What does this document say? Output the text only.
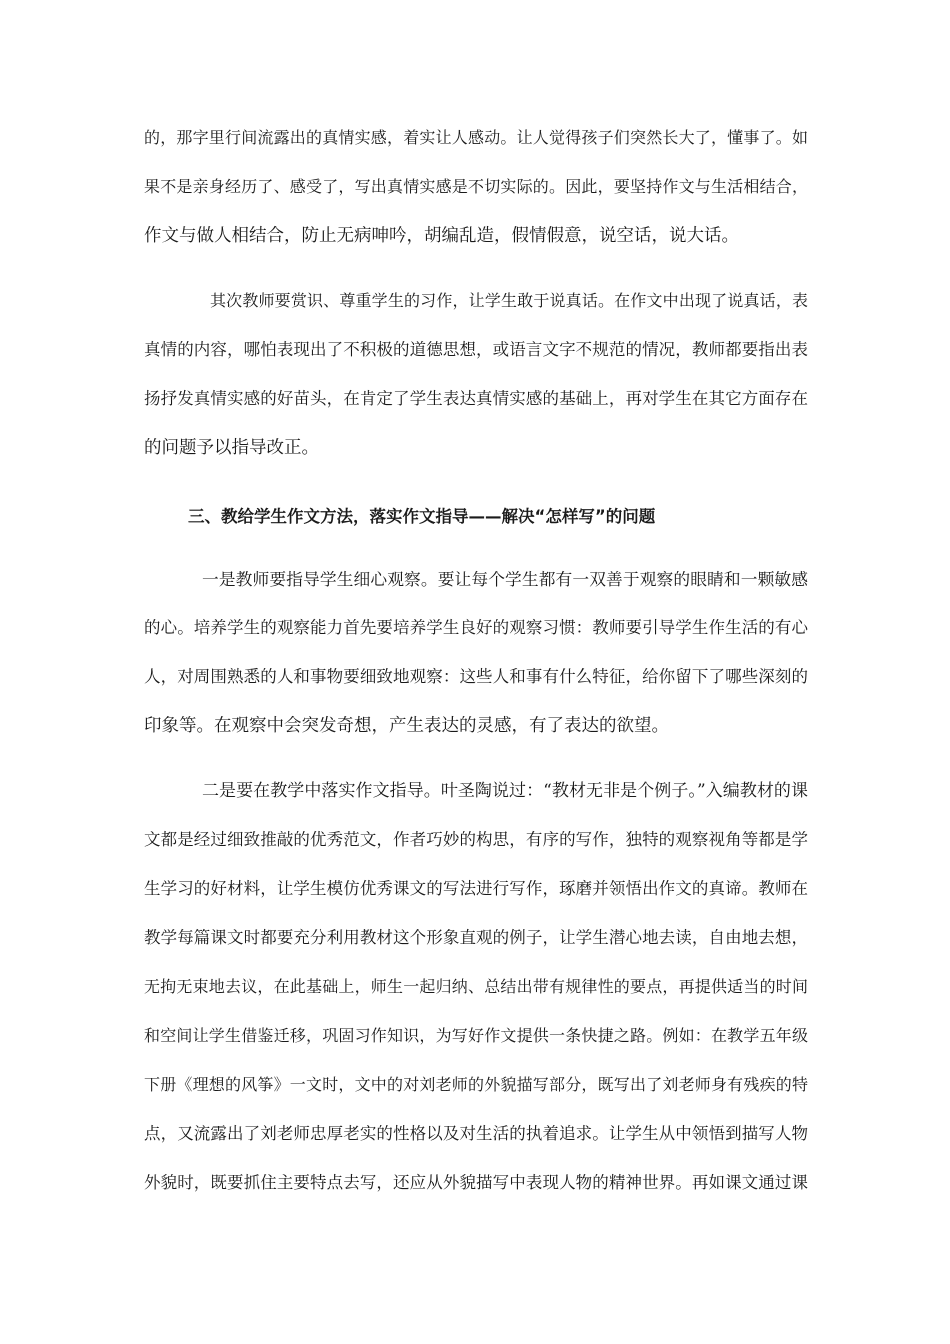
的，那字里行间流露出的真情实感，着实让人感动。让人觉得孩子们突然长大了，懂事了。如
果不是亲身经历了、感受了，写出真情实感是不切实际的。因此，要坚持作文与生活相结合，
作文与做人相结合，防止无病呻吟，胡编乱造，假情假意，说空话，说大话。
其次教师要赏识、尊重学生的习作，让学生敢于说真话。在作文中出现了说真话，表
真情的内容，哪怕表现出了不积极的道德思想，或语言文字不规范的情况，教师都要指出表
扬抒发真情实感的好苗头，在肯定了学生表达真情实感的基础上，再对学生在其它方面存在
的问题予以指导改正。
三、教给学生作文方法，落实作文指导——解决“怎样写”的问题
一是教师要指导学生细心观察。要让每个学生都有一双善于观察的眼睛和一颗敏感
的心。培养学生的观察能力首先要培养学生良好的观察习惯：教师要引导学生作生活的有心
人，对周围熟悉的人和事物要细致地观察：这些人和事有什么特征，给你留下了哪些深刻的
印象等。在观察中会突发奇想，产生表达的灵感，有了表达的欲望。
二是要在教学中落实作文指导。叶圣陶说过：“教材无非是个例子。”入编教材的课
文都是经过细致推敲的优秀范文，作者巧妙的构思，有序的写作，独特的观察视角等都是学
生学习的好材料，让学生模仿优秀课文的写法进行写作，琢磨并领悟出作文的真谛。教师在
教学每篇课文时都要充分利用教材这个形象直观的例子，让学生潜心地去读，自由地去想，
无拘无束地去议，在此基础上，师生一起归纳、总结出带有规律性的要点，再提供适当的时间
和空间让学生借鉴迁移，巩固习作知识，为写好作文提供一条快捷之路。例如：在教学五年级
下册《理想的风筝》一文时，文中的对刘老师的外貌描写部分，既写出了刘老师身有残疾的特
点，又流露出了刘老师忠厚老实的性格以及对生活的执着追求。让学生从中领悟到描写人物
外貌时，既要抓住主要特点去写，还应从外貌描写中表现人物的精神世界。再如课文通过课
